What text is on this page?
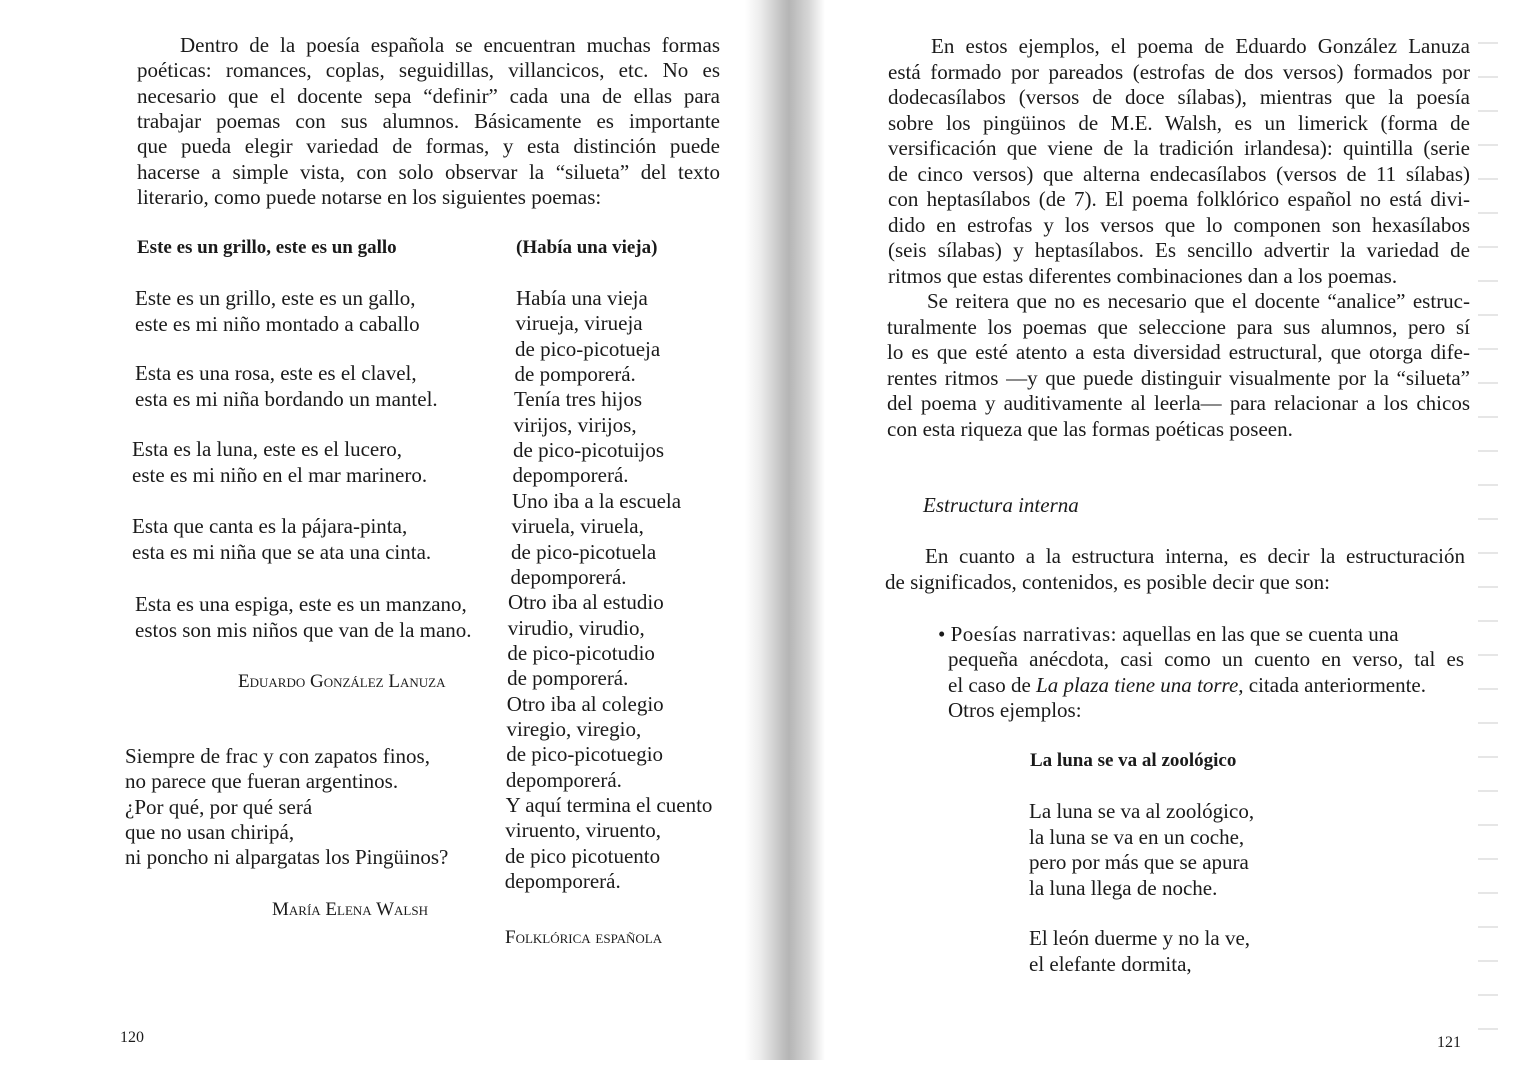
Dentro de la poesía española se encuentran muchas formas
poéticas: romances, coplas, seguidillas, villancicos, etc. No es
necesario que el docente sepa “definir” cada una de ellas para
trabajar poemas con sus alumnos. Básicamente es importante
que pueda elegir variedad de formas, y esta distinción puede
hacerse a simple vista, con solo observar la “silueta” del texto
literario, como puede notarse en los siguientes poemas:
Este es un grillo, este es un gallo
Este es un grillo, este es un gallo,
este es mi niño montado a caballo
Esta es una rosa, este es el clavel,
esta es mi niña bordando un mantel.
Esta es la luna, este es el lucero,
este es mi niño en el mar marinero.
Esta que canta es la pájara-pinta,
esta es mi niña que se ata una cinta.
Esta es una espiga, este es un manzano,
estos son mis niños que van de la mano.
Eduardo González Lanuza
Siempre de frac y con zapatos finos,
no parece que fueran argentinos.
¿Por qué, por qué será
que no usan chiripá,
ni poncho ni alpargatas los Pingüinos?
María Elena Walsh
(Había una vieja)
Había una vieja
virueja, virueja
de pico-picotueja
de pomporerá.
Tenía tres hijos
virijos, virijos,
de pico-picotuijos
depomporerá.
Uno iba a la escuela
viruela, viruela,
de pico-picotuela
depomporerá.
Otro iba al estudio
virudio, virudio,
de pico-picotudio
de pomporerá.
Otro iba al colegio
viregio, viregio,
de pico-picotuegio
depomporerá.
Y aquí termina el cuento
viruento, viruento,
de pico picotuento
depomporerá.
Folklórica española
120	121
En estos ejemplos, el poema de Eduardo González Lanuza
está formado por pareados (estrofas de dos versos) formados por
dodecasílabos (versos de doce sílabas), mientras que la poesía
sobre los pingüinos de M.E. Walsh, es un limerick (forma de
versificación que viene de la tradición irlandesa): quintilla (serie
de cinco versos) que alterna endecasílabos (versos de 11 sílabas)
con heptasílabos (de 7). El poema folklórico español no está divi-
dido en estrofas y los versos que lo componen son hexasílabos
(seis sílabas) y heptasílabos. Es sencillo advertir la variedad de
ritmos que estas diferentes combinaciones dan a los poemas.
Se reitera que no es necesario que el docente “analice” estruc-
turalmente los poemas que seleccione para sus alumnos, pero sí
lo es que esté atento a esta diversidad estructural, que otorga dife-
rentes ritmos —y que puede distinguir visualmente por la “silueta”
del poema y auditivamente al leerla— para relacionar a los chicos
con esta riqueza que las formas poéticas poseen.
Estructura interna
En cuanto a la estructura interna, es decir la estructuración
de significados, contenidos, es posible decir que son:
• Poesías narrativas: aquellas en las que se cuenta una
pequeña anécdota, casi como un cuento en verso, tal es
el caso de La plaza tiene una torre, citada anteriormente.
Otros ejemplos:
La luna se va al zoológico
La luna se va al zoológico,
la luna se va en un coche,
pero por más que se apura
la luna llega de noche.
El león duerme y no la ve,
el elefante dormita,
